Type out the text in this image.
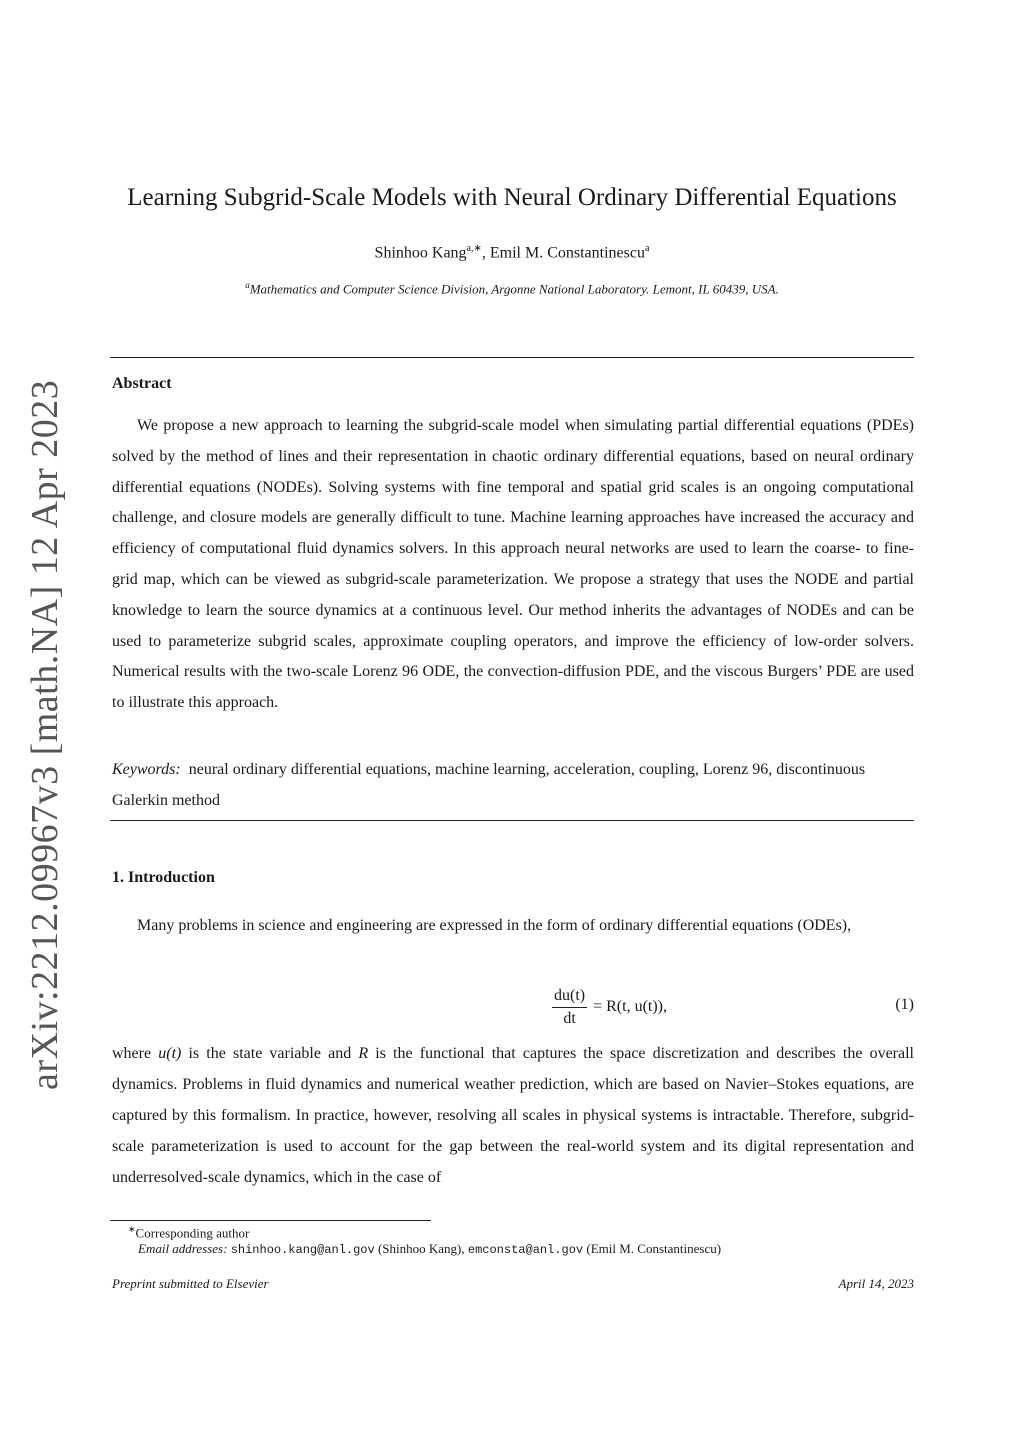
arXiv:2212.09967v3 [math.NA] 12 Apr 2023
Learning Subgrid-Scale Models with Neural Ordinary Differential Equations
Shinhoo Kang$^{a,∗}$, Emil M. Constantinescu$^a$
$^a$Mathematics and Computer Science Division, Argonne National Laboratory. Lemont, IL 60439, USA.
Abstract

We propose a new approach to learning the subgrid-scale model when simulating partial differential equations (PDEs) solved by the method of lines and their representation in chaotic ordinary differential equations, based on neural ordinary differential equations (NODEs). Solving systems with fine temporal and spatial grid scales is an ongoing computational challenge, and closure models are generally difficult to tune. Machine learning approaches have increased the accuracy and efficiency of computational fluid dynamics solvers. In this approach neural networks are used to learn the coarse- to fine-grid map, which can be viewed as subgrid-scale parameterization. We propose a strategy that uses the NODE and partial knowledge to learn the source dynamics at a continuous level. Our method inherits the advantages of NODEs and can be used to parameterize subgrid scales, approximate coupling operators, and improve the efficiency of low-order solvers. Numerical results with the two-scale Lorenz 96 ODE, the convection-diffusion PDE, and the viscous Burgers’ PDE are used to illustrate this approach.

Keywords: neural ordinary differential equations, machine learning, acceleration, coupling, Lorenz 96, discontinuous Galerkin method
1. Introduction

Many problems in science and engineering are expressed in the form of ordinary differential equations (ODEs),

$\frac{du(t)}{dt} = R(t$, u(t)),	(1)

where u(t) is the state variable and R is the functional that captures the space discretization and describes the overall dynamics. Problems in fluid dynamics and numerical weather prediction, which are based on Navier–Stokes equations, are captured by this formalism. In practice, however, resolving all scales in physical systems is intractable. Therefore, subgrid-scale parameterization is used to account for the gap between the real-world system and its digital representation and underresolved-scale dynamics, which in the case of

∗Corresponding author
Email addresses: shinhoo.kang@anl.gov (Shinhoo Kang), emconsta@anl.gov (Emil M. Constantinescu)
Preprint submitted to Elsevier	April 14, 2023
